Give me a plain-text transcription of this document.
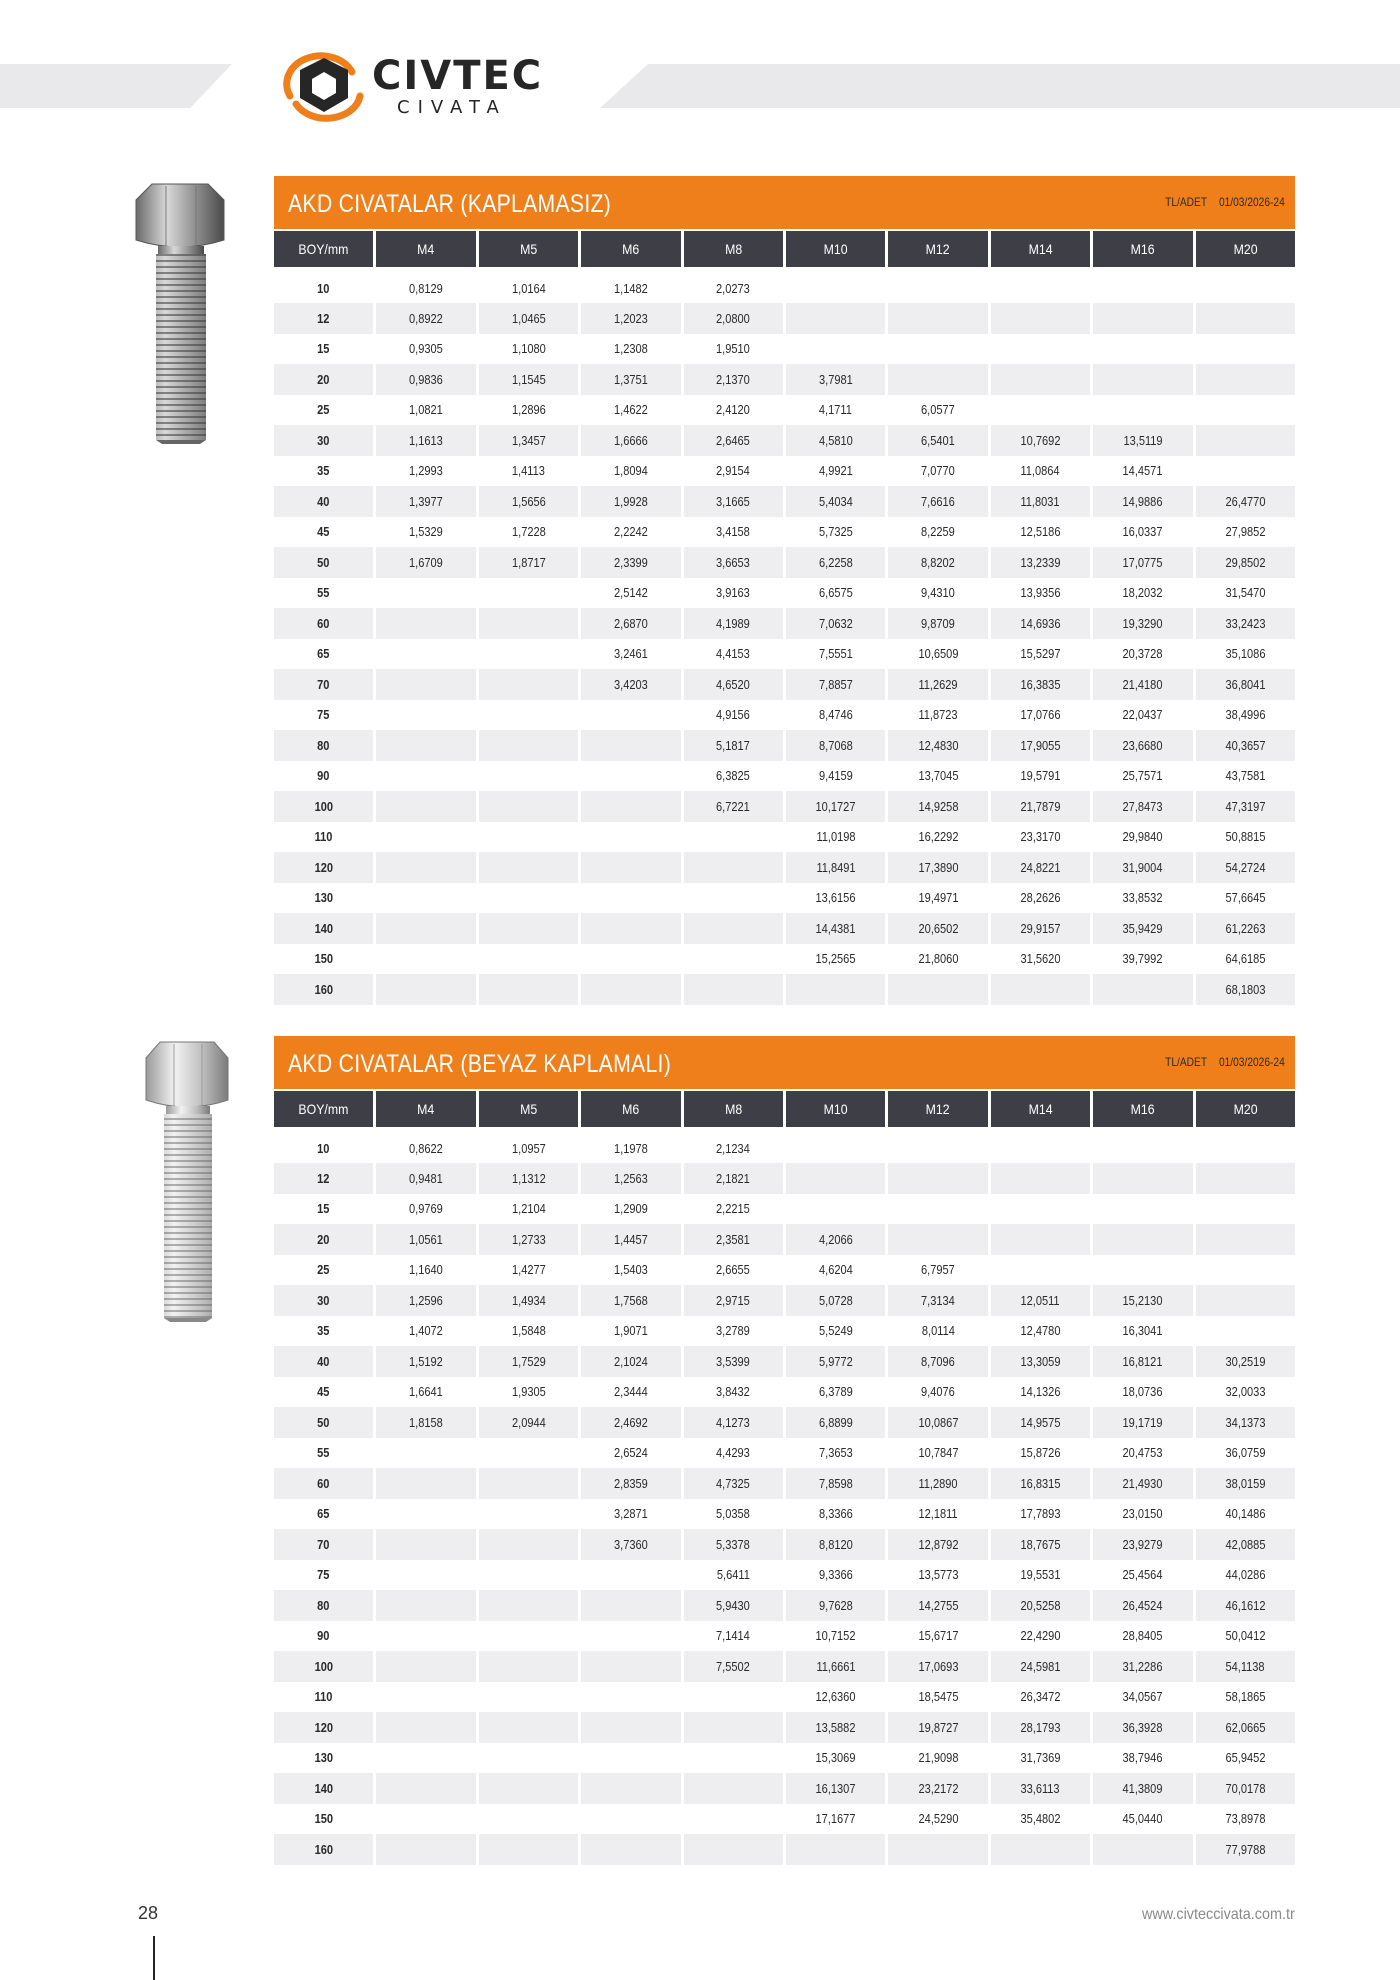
CIVTEC
CIVATA
AKD CIVATALAR (KAPLAMASIZ)	TL/ADET 01/03/2026-24
BOY/mm	M4	M5	M6	M8	M10	M12	M14	M16	M20
10	0,8129	1,0164	1,1482	2,0273					
12	0,8922	1,0465	1,2023	2,0800					
15	0,9305	1,1080	1,2308	1,9510					
20	0,9836	1,1545	1,3751	2,1370	3,7981				
25	1,0821	1,2896	1,4622	2,4120	4,1711	6,0577			
30	1,1613	1,3457	1,6666	2,6465	4,5810	6,5401	10,7692	13,5119	
35	1,2993	1,4113	1,8094	2,9154	4,9921	7,0770	11,0864	14,4571	
40	1,3977	1,5656	1,9928	3,1665	5,4034	7,6616	11,8031	14,9886	26,4770
45	1,5329	1,7228	2,2242	3,4158	5,7325	8,2259	12,5186	16,0337	27,9852
50	1,6709	1,8717	2,3399	3,6653	6,2258	8,8202	13,2339	17,0775	29,8502
55			2,5142	3,9163	6,6575	9,4310	13,9356	18,2032	31,5470
60			2,6870	4,1989	7,0632	9,8709	14,6936	19,3290	33,2423
65			3,2461	4,4153	7,5551	10,6509	15,5297	20,3728	35,1086
70			3,4203	4,6520	7,8857	11,2629	16,3835	21,4180	36,8041
75				4,9156	8,4746	11,8723	17,0766	22,0437	38,4996
80				5,1817	8,7068	12,4830	17,9055	23,6680	40,3657
90				6,3825	9,4159	13,7045	19,5791	25,7571	43,7581
100				6,7221	10,1727	14,9258	21,7879	27,8473	47,3197
110					11,0198	16,2292	23,3170	29,9840	50,8815
120					11,8491	17,3890	24,8221	31,9004	54,2724
130					13,6156	19,4971	28,2626	33,8532	57,6645
140					14,4381	20,6502	29,9157	35,9429	61,2263
150					15,2565	21,8060	31,5620	39,7992	64,6185
160									68,1803
AKD CIVATALAR (BEYAZ KAPLAMALI)	TL/ADET 01/03/2026-24
BOY/mm	M4	M5	M6	M8	M10	M12	M14	M16	M20
10	0,8622	1,0957	1,1978	2,1234					
12	0,9481	1,1312	1,2563	2,1821					
15	0,9769	1,2104	1,2909	2,2215					
20	1,0561	1,2733	1,4457	2,3581	4,2066				
25	1,1640	1,4277	1,5403	2,6655	4,6204	6,7957			
30	1,2596	1,4934	1,7568	2,9715	5,0728	7,3134	12,0511	15,2130	
35	1,4072	1,5848	1,9071	3,2789	5,5249	8,0114	12,4780	16,3041	
40	1,5192	1,7529	2,1024	3,5399	5,9772	8,7096	13,3059	16,8121	30,2519
45	1,6641	1,9305	2,3444	3,8432	6,3789	9,4076	14,1326	18,0736	32,0033
50	1,8158	2,0944	2,4692	4,1273	6,8899	10,0867	14,9575	19,1719	34,1373
55			2,6524	4,4293	7,3653	10,7847	15,8726	20,4753	36,0759
60			2,8359	4,7325	7,8598	11,2890	16,8315	21,4930	38,0159
65			3,2871	5,0358	8,3366	12,1811	17,7893	23,0150	40,1486
70			3,7360	5,3378	8,8120	12,8792	18,7675	23,9279	42,0885
75				5,6411	9,3366	13,5773	19,5531	25,4564	44,0286
80				5,9430	9,7628	14,2755	20,5258	26,4524	46,1612
90				7,1414	10,7152	15,6717	22,4290	28,8405	50,0412
100				7,5502	11,6661	17,0693	24,5981	31,2286	54,1138
110					12,6360	18,5475	26,3472	34,0567	58,1865
120					13,5882	19,8727	28,1793	36,3928	62,0665
130					15,3069	21,9098	31,7369	38,7946	65,9452
140					16,1307	23,2172	33,6113	41,3809	70,0178
150					17,1677	24,5290	35,4802	45,0440	73,8978
160									77,9788
28	www.civteccivata.com.tr
